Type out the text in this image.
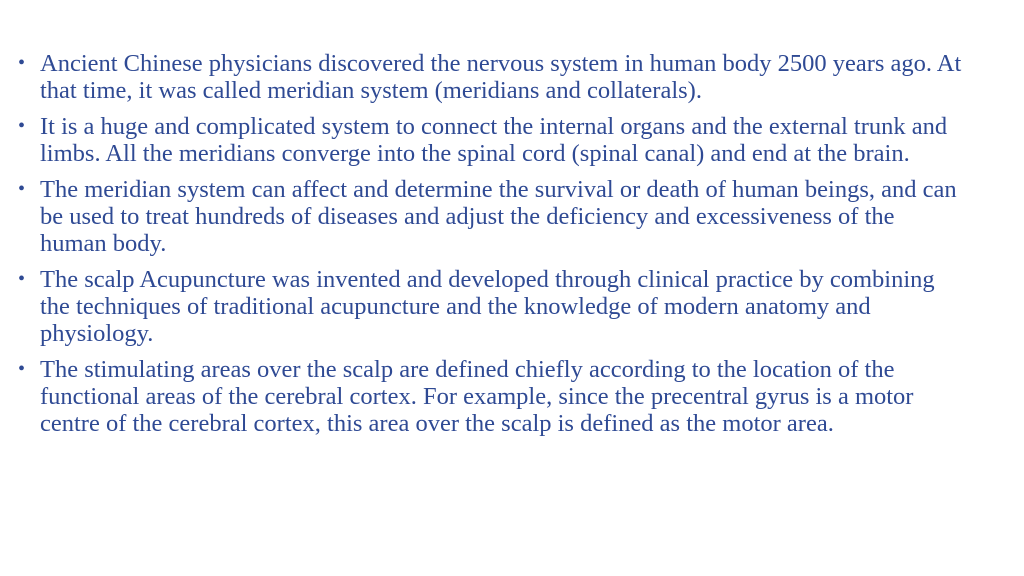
• Ancient Chinese physicians discovered the nervous system in human body 2500 years ago. At that time, it was called meridian system (meridians and collaterals).
• It is a huge and complicated system to connect the internal organs and the external trunk and limbs. All the meridians converge into the spinal cord (spinal canal) and end at the brain.
• The meridian system can affect and determine the survival or death of human beings, and can be used to treat hundreds of diseases and adjust the deficiency and excessiveness of the human body.
• The scalp Acupuncture was invented and developed through clinical practice by combining the techniques of traditional acupuncture and the knowledge of modern anatomy and physiology.
• The stimulating areas over the scalp are defined chiefly according to the location of the functional areas of the cerebral cortex. For example, since the precentral gyrus is a motor centre of the cerebral cortex, this area over the scalp is defined as the motor area.
